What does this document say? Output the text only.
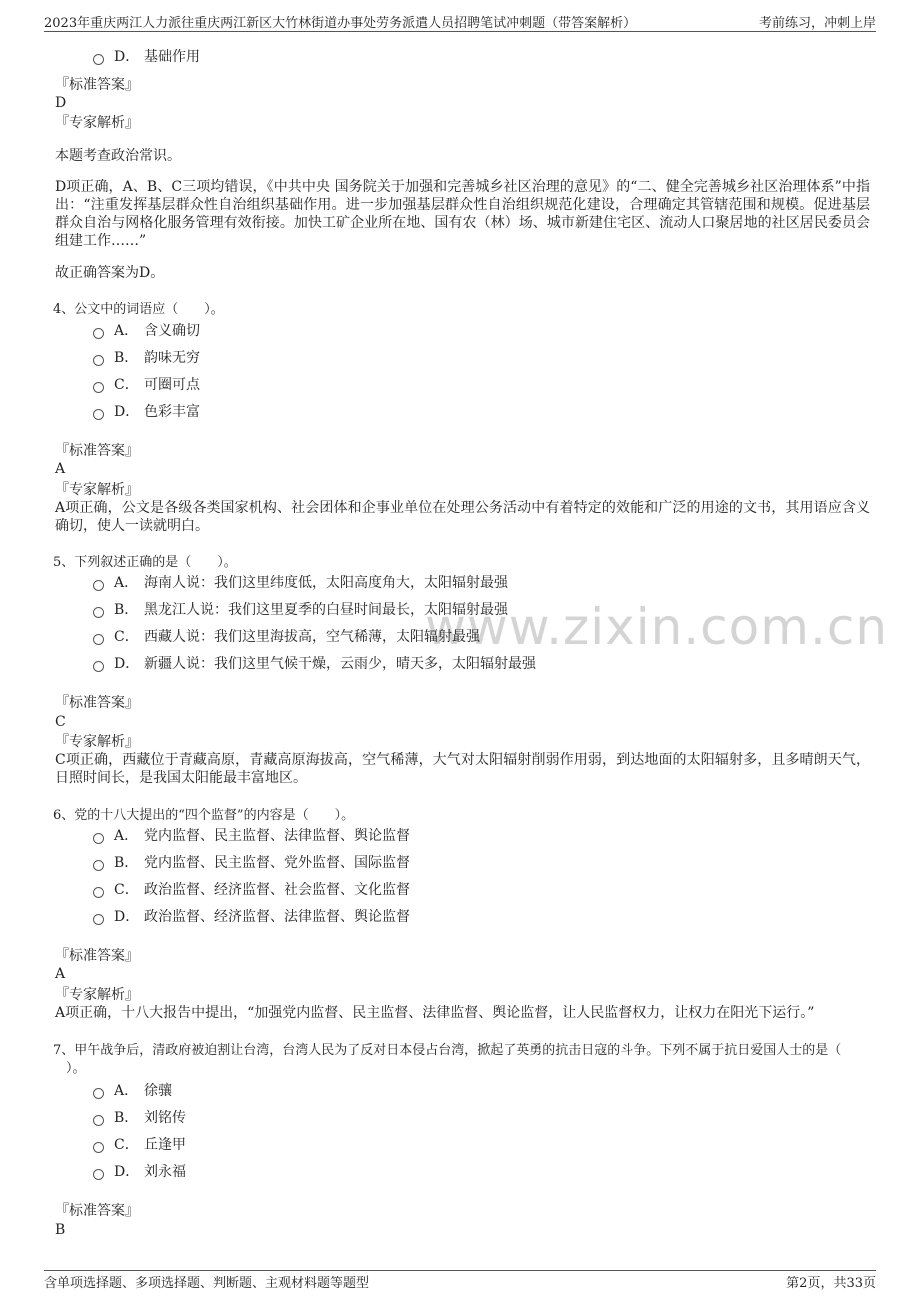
2023年重庆两江人力派往重庆两江新区大竹林街道办事处劳务派遣人员招聘笔试冲刺题（带答案解析）	考前练习，冲刺上岸
www.zixin.com.cn
D． 基础作用
『标准答案』
D
『专家解析』
本题考查政治常识。
D项正确，A、B、C三项均错误，《中共中央 国务院关于加强和完善城乡社区治理的意见》的“二、健全完善城乡社区治理体系”中指出：“注重发挥基层群众性自治组织基础作用。进一步加强基层群众性自治组织规范化建设，合理确定其管辖范围和规模。促进基层群众自治与网格化服务管理有效衔接。加快工矿企业所在地、国有农（林）场、城市新建住宅区、流动人口聚居地的社区居民委员会组建工作……”
故正确答案为D。
4、公文中的词语应（　　）。
A． 含义确切
B． 韵味无穷
C． 可圈可点
D． 色彩丰富
『标准答案』
A
『专家解析』
A项正确，公文是各级各类国家机构、社会团体和企事业单位在处理公务活动中有着特定的效能和广泛的用途的文书，其用语应含义确切，使人一读就明白。
5、下列叙述正确的是（　　）。
A． 海南人说：我们这里纬度低，太阳高度角大，太阳辐射最强
B． 黑龙江人说：我们这里夏季的白昼时间最长，太阳辐射最强
C． 西藏人说：我们这里海拔高，空气稀薄，太阳辐射最强
D． 新疆人说：我们这里气候干燥，云雨少，晴天多，太阳辐射最强
『标准答案』
C
『专家解析』
C项正确，西藏位于青藏高原，青藏高原海拔高，空气稀薄，大气对太阳辐射削弱作用弱，到达地面的太阳辐射多，且多晴朗天气，日照时间长，是我国太阳能最丰富地区。
6、党的十八大提出的“四个监督”的内容是（　　）。
A． 党内监督、民主监督、法律监督、舆论监督
B． 党内监督、民主监督、党外监督、国际监督
C． 政治监督、经济监督、社会监督、文化监督
D． 政治监督、经济监督、法律监督、舆论监督
『标准答案』
A
『专家解析』
A项正确，十八大报告中提出，“加强党内监督、民主监督、法律监督、舆论监督，让人民监督权力，让权力在阳光下运行。”
7、甲午战争后，清政府被迫割让台湾，台湾人民为了反对日本侵占台湾，掀起了英勇的抗击日寇的斗争。下列不属于抗日爱国人士的是（
）。
A． 徐骧
B． 刘铭传
C． 丘逢甲
D． 刘永福
『标准答案』
B
含单项选择题、多项选择题、判断题、主观材料题等题型	第2页，共33页
